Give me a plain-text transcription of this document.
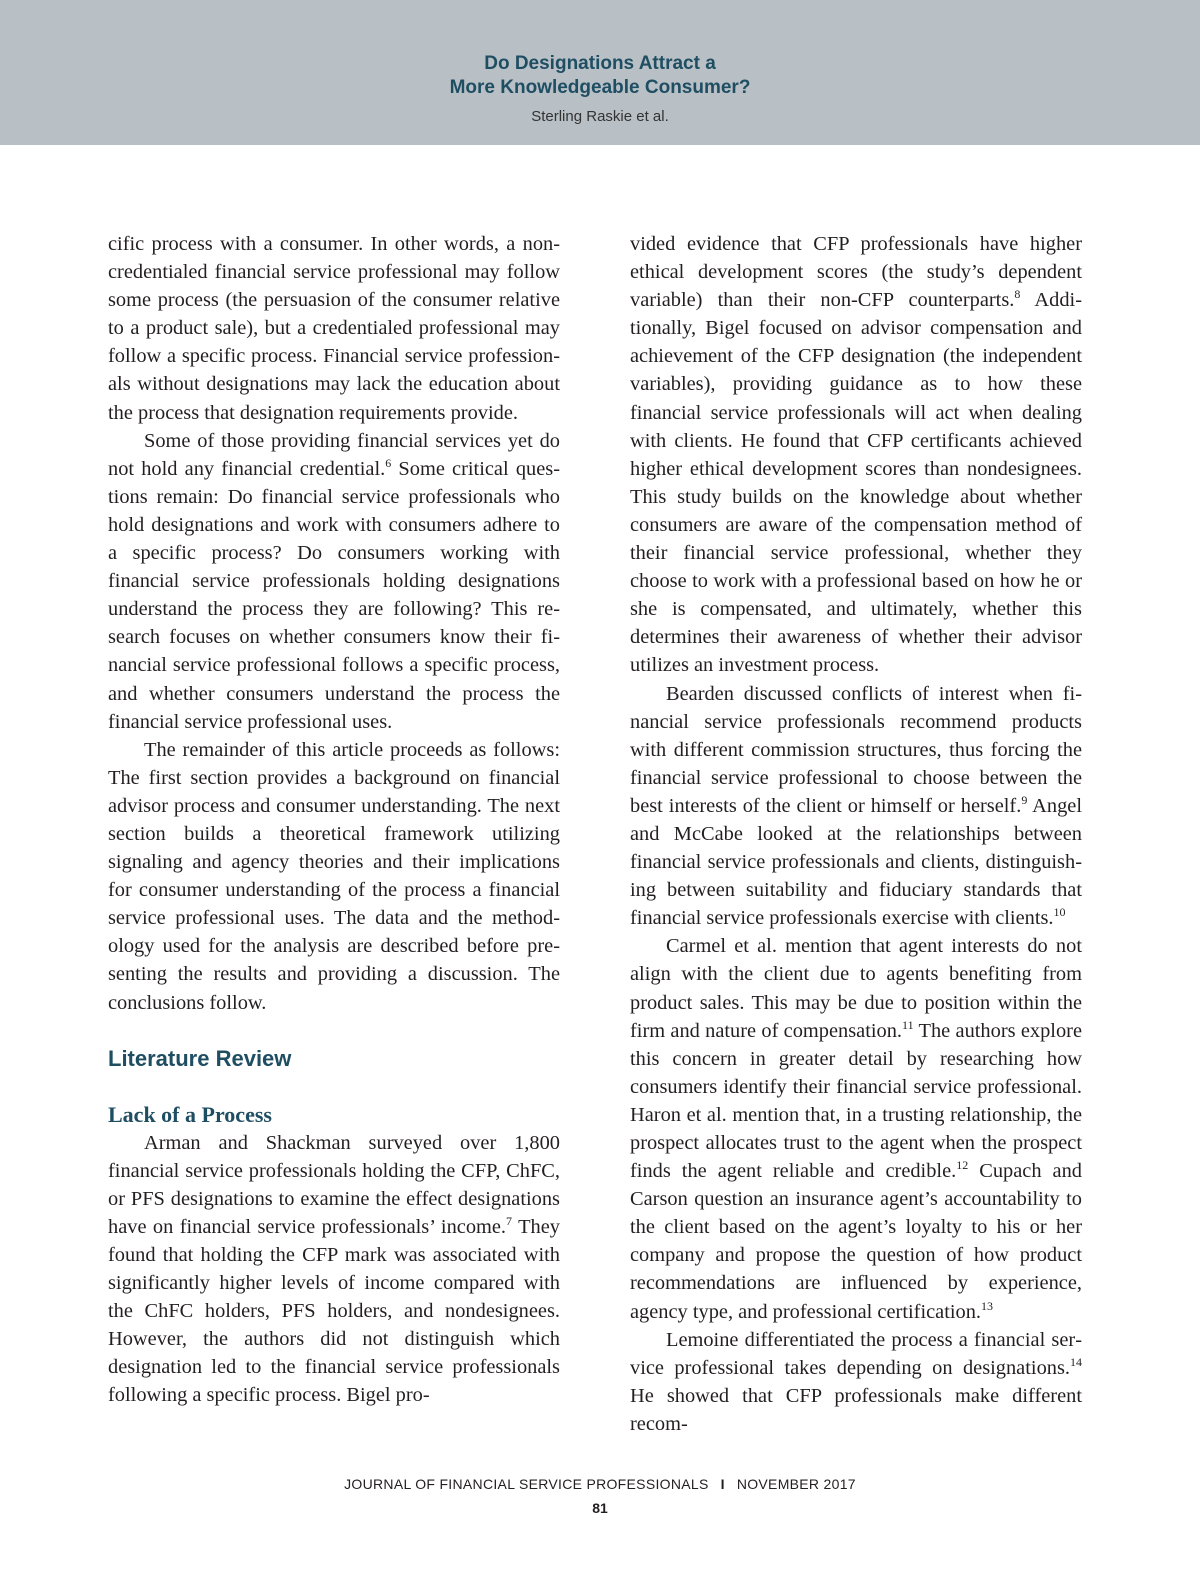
Do Designations Attract a
More Knowledgeable Consumer?
Sterling Raskie et al.

cific process with a consumer. In other words, a non-credentialed financial service professional may follow some process (the persuasion of the consumer relative to a product sale), but a credentialed professional may follow a specific process. Financial service professionals without designations may lack the education about the process that designation requirements provide.

Some of those providing financial services yet do not hold any financial credential.$^6$ Some critical questions remain: Do financial service professionals who hold designations and work with consumers adhere to a specific process? Do consumers working with financial service professionals holding designations understand the process they are following? This research focuses on whether consumers know their financial service professional follows a specific process, and whether consumers understand the process the financial service professional uses.

The remainder of this article proceeds as follows: The first section provides a background on financial advisor process and consumer understanding. The next section builds a theoretical framework utilizing signaling and agency theories and their implications for consumer understanding of the process a financial service professional uses. The data and the methodology used for the analysis are described before presenting the results and providing a discussion. The conclusions follow.

Literature Review
Lack of a Process

Arman and Shackman surveyed over 1,800 financial service professionals holding the CFP, ChFC, or PFS designations to examine the effect designations have on financial service professionals’ income.$^7$ They found that holding the CFP mark was associated with significantly higher levels of income compared with the ChFC holders, PFS holders, and nondesignees. However, the authors did not distinguish which designation led to the financial service professionals following a specific process. Bigel pro-

vided evidence that CFP professionals have higher ethical development scores (the study’s dependent variable) than their non-CFP counterparts.$^8$ Additionally, Bigel focused on advisor compensation and achievement of the CFP designation (the independent variables), providing guidance as to how these financial service professionals will act when dealing with clients. He found that CFP certificants achieved higher ethical development scores than nondesignees. This study builds on the knowledge about whether consumers are aware of the compensation method of their financial service professional, whether they choose to work with a professional based on how he or she is compensated, and ultimately, whether this determines their awareness of whether their advisor utilizes an investment process.

Bearden discussed conflicts of interest when financial service professionals recommend products with different commission structures, thus forcing the financial service professional to choose between the best interests of the client or himself or herself.$^9$ Angel and McCabe looked at the relationships between financial service professionals and clients, distinguishing between suitability and fiduciary standards that financial service professionals exercise with clients.$^{10}$

Carmel et al. mention that agent interests do not align with the client due to agents benefiting from product sales. This may be due to position within the firm and nature of compensation.$^{11}$ The authors explore this concern in greater detail by researching how consumers identify their financial service professional. Haron et al. mention that, in a trusting relationship, the prospect allocates trust to the agent when the prospect finds the agent reliable and credible.$^{12}$ Cupach and Carson question an insurance agent’s accountability to the client based on the agent’s loyalty to his or her company and propose the question of how product recommendations are influenced by experience, agency type, and professional certification.$^{13}$

Lemoine differentiated the process a financial service professional takes depending on designations.$^{14}$ He showed that CFP professionals make different recom-

JOURNAL OF FINANCIAL SERVICE PROFESSIONALS I NOVEMBER 2017
81
